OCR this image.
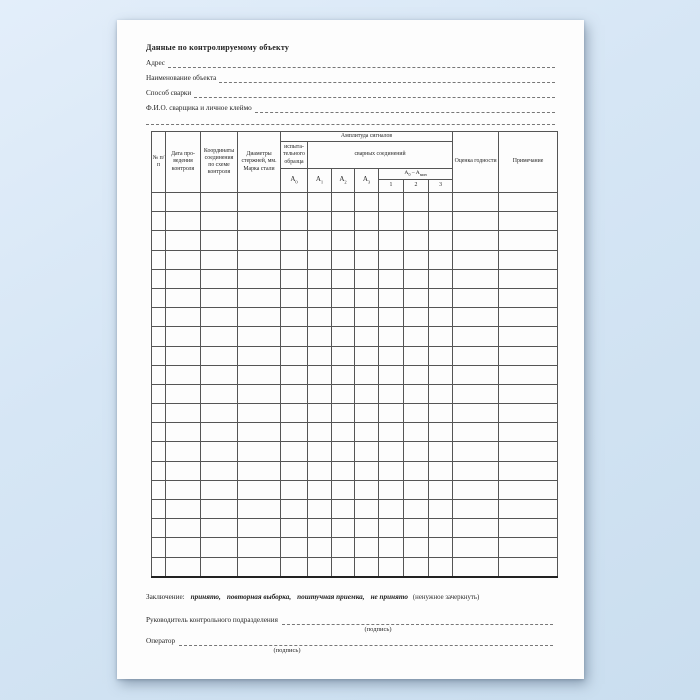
Данные по контролируемому объекту
Адрес
Наименование объекта
Способ сварки
Ф.И.О. сварщика и личное клеймо
№ п/п	Дата про-ведения контроля	Координаты соединения по схеме контроля	Диаметры стержней, мм. Марка стали	Амплитуда сигналов							Оценка годности	Примечание
				испыта-тельного образца	сварных соединений							
				$A_0$	$A_1$	$A_2$	$A_3$	$A_0 - A_{мин}$
								1	2	3		

Заключение: принято, повторная выборка, поштучная приемка, не принято (ненужное зачеркнуть)
Руководитель контрольного подразделения
(подпись)
Оператор
(подпись)
